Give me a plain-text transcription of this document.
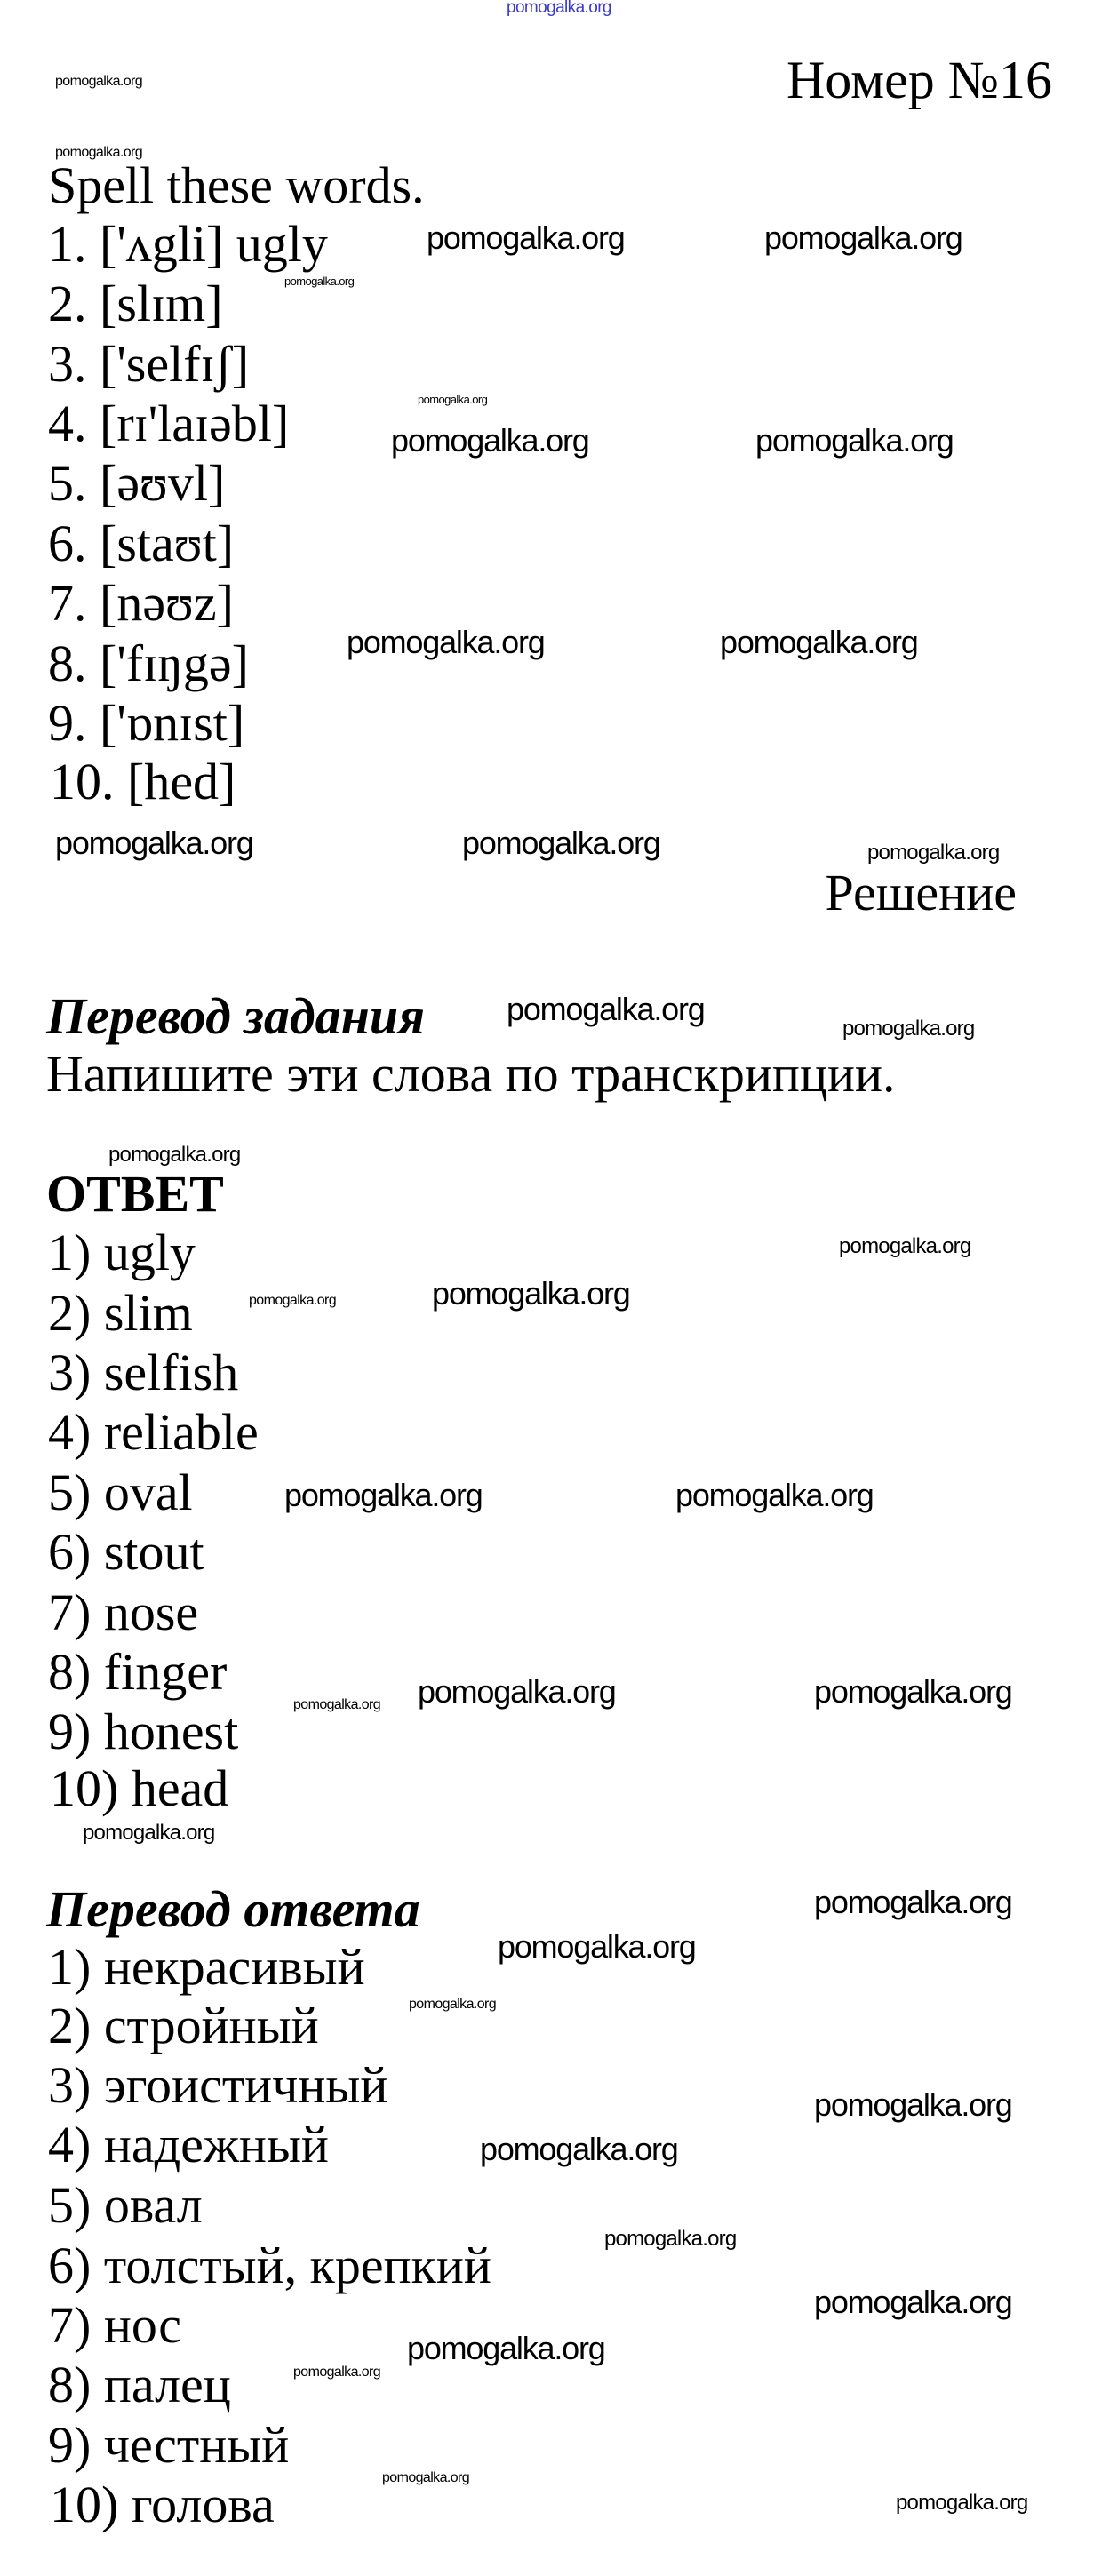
pomogalka.org
pomogalka.org
pomogalka.org
pomogalka.org	pomogalka.org
pomogalka.org
pomogalka.org
pomogalka.org	pomogalka.org
pomogalka.org	pomogalka.org
pomogalka.org	pomogalka.org	pomogalka.org
pomogalka.org
pomogalka.org
pomogalka.org
pomogalka.org
pomogalka.org
pomogalka.org
pomogalka.org	pomogalka.org
pomogalka.org pomogalka.org	pomogalka.org
pomogalka.org
pomogalka.org
pomogalka.org
pomogalka.org
pomogalka.org
pomogalka.org
pomogalka.org
pomogalka.org
pomogalka.org
pomogalka.org
pomogalka.org
pomogalka.org
Номер №16
Spell these words.
1. ['ʌgli] ugly
2. [slɪm]
3. ['selfɪʃ]
4. [rɪ'laɪəbl]
5. [əʊvl]
6. [staʊt]
7. [nəʊz]
8. ['fɪŋgə]
9. ['ɒnɪst]
10. [hed]
Решение
Перевод задания
Напишите эти слова по транскрипции.
ОТВЕТ
1) ugly
2) slim
3) selfish
4) reliable
5) oval
6) stout
7) nose
8) finger
9) honest
10) head
Перевод ответа
1) некрасивый
2) стройный
3) эгоистичный
4) надежный
5) овал
6) толстый, крепкий
7) нос
8) палец
9) честный
10) голова
